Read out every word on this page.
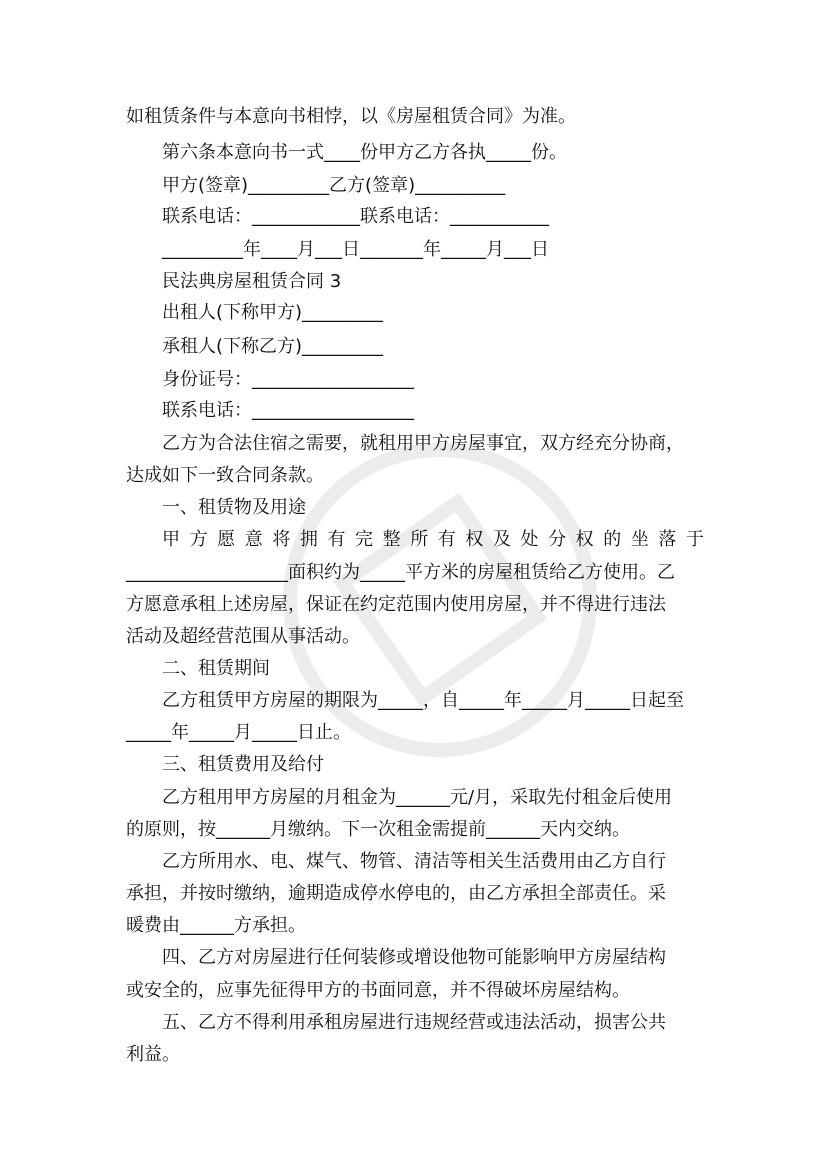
如租赁条件与本意向书相悖，以《房屋租赁合同》为准。
第六条本意向书一式____份甲方乙方各执_____份。
甲方(签章)_________乙方(签章)__________
联系电话：____________联系电话：___________
_________年____月___日_______年_____月___日
民法典房屋租赁合同 3
出租人(下称甲方)_________
承租人(下称乙方)_________
身份证号：__________________
联系电话：__________________
乙方为合法住宿之需要，就租用甲方房屋事宜，双方经充分协商，
达成如下一致合同条款。
一、租赁物及用途
甲方愿意将拥有完整所有权及处分权的坐落于
__________________面积约为_____平方米的房屋租赁给乙方使用。乙
方愿意承租上述房屋，保证在约定范围内使用房屋，并不得进行违法
活动及超经营范围从事活动。
二、租赁期间
乙方租赁甲方房屋的期限为_____，自_____年_____月_____日起至
_____年_____月_____日止。
三、租赁费用及给付
乙方租用甲方房屋的月租金为______元/月，采取先付租金后使用
的原则，按______月缴纳。下一次租金需提前______天内交纳。
乙方所用水、电、煤气、物管、清洁等相关生活费用由乙方自行
承担，并按时缴纳，逾期造成停水停电的，由乙方承担全部责任。采
暖费由______方承担。
四、乙方对房屋进行任何装修或增设他物可能影响甲方房屋结构
或安全的，应事先征得甲方的书面同意，并不得破坏房屋结构。
五、乙方不得利用承租房屋进行违规经营或违法活动，损害公共
利益。
